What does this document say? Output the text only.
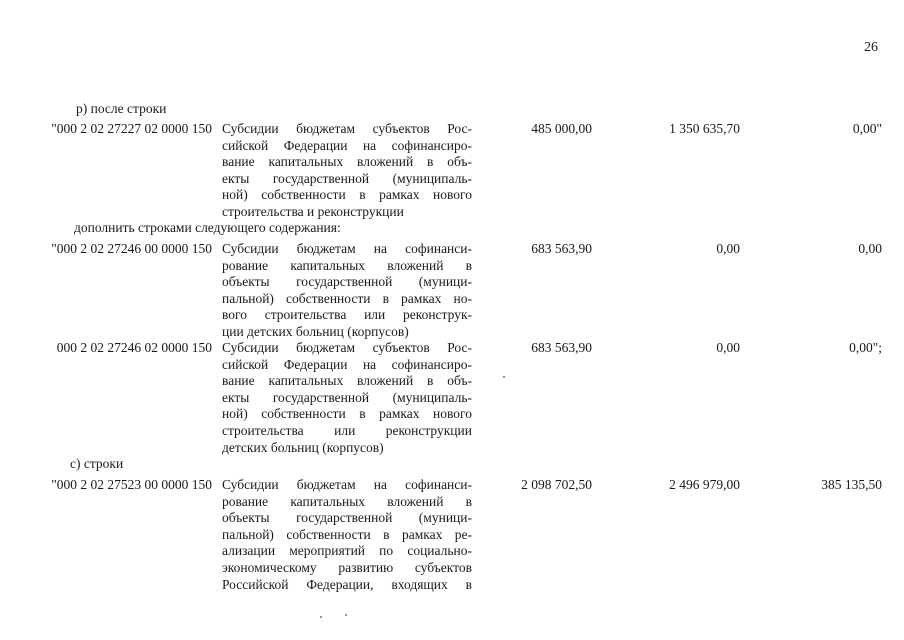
26
р) после строки
"000 2 02 27227 02 0000 150 Субсидии бюджетам субъектов Рос-
сийской Федерации на софинансиро-
вание капитальных вложений в объ-
екты государственной (муниципаль-
ной) собственности в рамках нового
строительства и реконструкции
485 000,00	1 350 635,70	0,00"
дополнить строками следующего содержания:
"000 2 02 27246 00 0000 150 Субсидии бюджетам на софинанси-
рование капитальных вложений в
объекты государственной (муници-
пальной) собственности в рамках но-
вого строительства или реконструк-
ции детских больниц (корпусов)
683 563,90	0,00	0,00
000 2 02 27246 02 0000 150 Субсидии бюджетам субъектов Рос-
сийской Федерации на софинансиро-
вание капитальных вложений в объ-
екты государственной (муниципаль-
ной) собственности в рамках нового
строительства или реконструкции
детских больниц (корпусов)
683 563,90	0,00	0,00";
с) строки
"000 2 02 27523 00 0000 150 Субсидии бюджетам на софинанси-
рование капитальных вложений в
объекты государственной (муници-
пальной) собственности в рамках ре-
ализации мероприятий по социально-
экономическому развитию субъектов
Российской Федерации, входящих в
2 098 702,50	2 496 979,00	385 135,50
